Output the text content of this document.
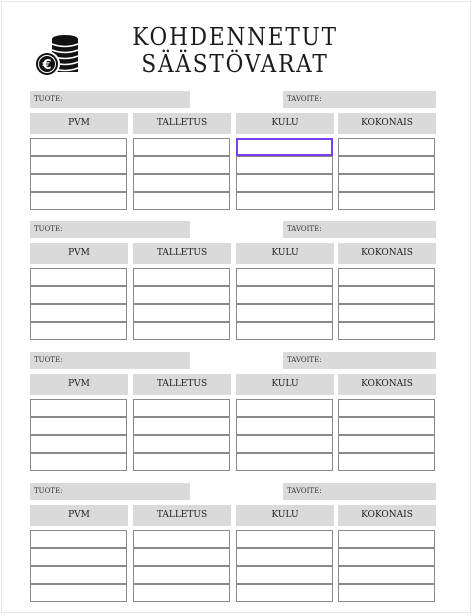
€
KOHDENNETUT
SÄÄSTÖVARAT
TUOTE:	TAVOITE:
PVM	TALLETUS	KULU	KOKONAIS
TUOTE:	TAVOITE:
PVM	TALLETUS	KULU	KOKONAIS
TUOTE:	TAVOITE:
PVM	TALLETUS	KULU	KOKONAIS
TUOTE:	TAVOITE:
PVM	TALLETUS	KULU	KOKONAIS
